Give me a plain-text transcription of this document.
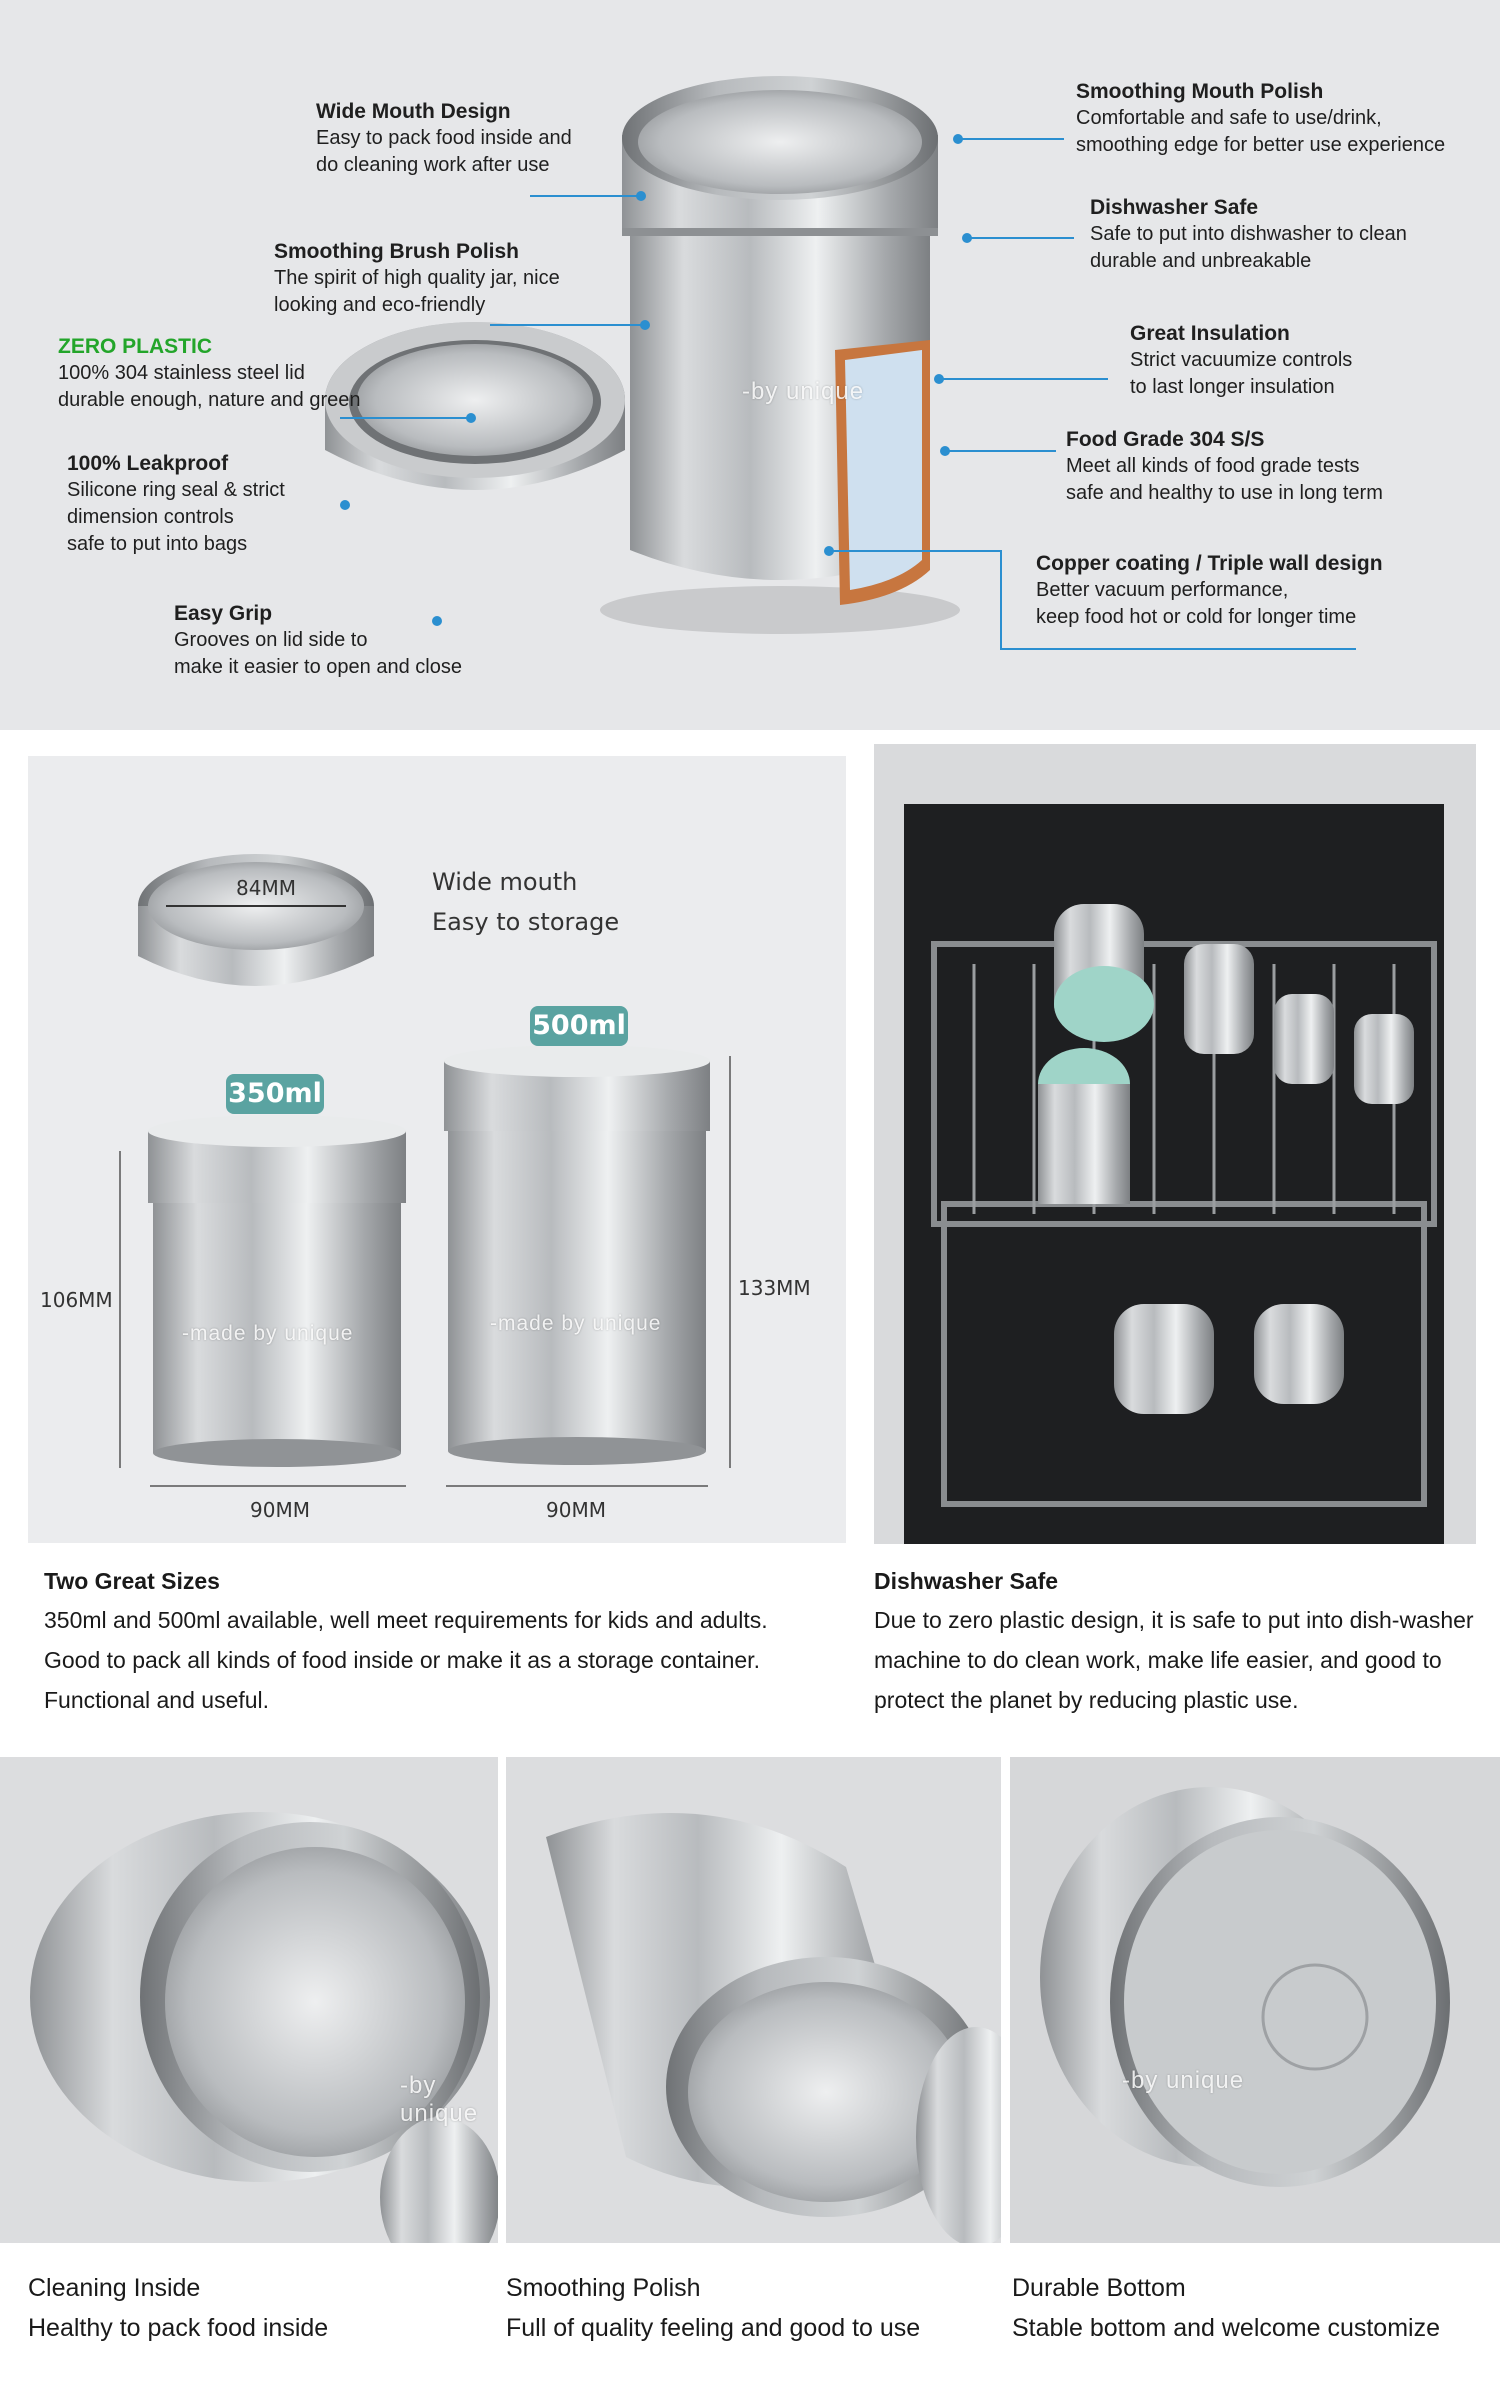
-by unique
Wide Mouth Design
Easy to pack food inside and
do cleaning work after use
Smoothing Brush Polish
The spirit of high quality jar, nice
looking and eco-friendly
ZERO PLASTIC
100% 304 stainless steel lid
durable enough, nature and green
100% Leakproof
Silicone ring seal & strict
dimension controls
safe to put into bags
Easy Grip
Grooves on lid side to
make it easier to open and close
Smoothing Mouth Polish
Comfortable and safe to use/drink,
smoothing edge for better use experience
Dishwasher Safe
Safe to put into dishwasher to clean
durable and unbreakable
Great Insulation
Strict vacuumize controls
to last longer insulation
Food Grade 304 S/S
Meet all kinds of food grade tests
safe and healthy to use in long term
Copper coating / Triple wall design
Better vacuum performance,
keep food hot or cold for longer time
84MM	Wide mouth
Easy to storage
350ml
500ml
106MM	133MM
90MM	90MM
-made by unique	-made by unique
Two Great Sizes
350ml and 500ml available, well meet requirements for kids and adults.
Good to pack all kinds of food inside or make it as a storage container.
Functional and useful.
Dishwasher Safe
Due to zero plastic design, it is safe to put into dish-washer
machine to do clean work, make life easier, and good to
protect the planet by reducing plastic use.
-by unique
-by unique
Cleaning Inside
Healthy to pack food inside
Smoothing Polish
Full of quality feeling and good to use
Durable Bottom
Stable bottom and welcome customize
